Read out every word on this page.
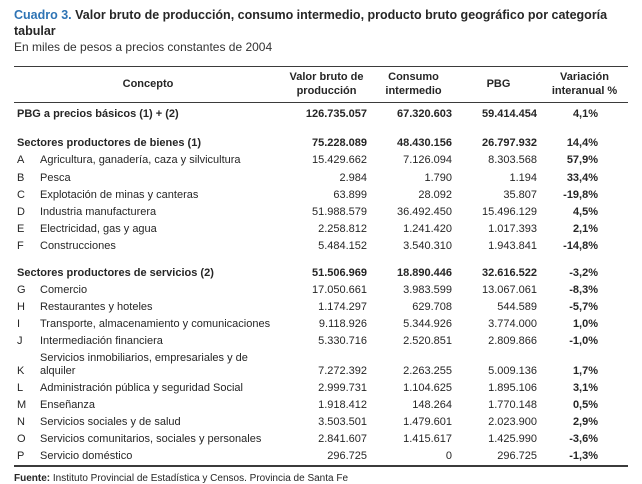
Cuadro 3. Valor bruto de producción, consumo intermedio, producto bruto geográfico por categoría tabular
En miles de pesos a precios constantes de 2004
Concepto		Valor bruto de producción	Consumo intermedio	PBG	Variación interanual %
PBG a precios básicos (1) + (2)		126.735.057	67.320.603	59.414.454	4,1%

Sectores productores de bienes (1)		75.228.089	48.430.156	26.797.932	14,4%
A	Agricultura, ganadería, caza y silvicultura	15.429.662	7.126.094	8.303.568	57,9%
B	Pesca	2.984	1.790	1.194	33,4%
C	Explotación de minas y canteras	63.899	28.092	35.807	-19,8%
D	Industria manufacturera	51.988.579	36.492.450	15.496.129	4,5%
E	Electricidad, gas y agua	2.258.812	1.241.420	1.017.393	2,1%
F	Construcciones	5.484.152	3.540.310	1.943.841	-14,8%

Sectores productores de servicios (2)		51.506.969	18.890.446	32.616.522	-3,2%
G	Comercio	17.050.661	3.983.599	13.067.061	-8,3%
H	Restaurantes y hoteles	1.174.297	629.708	544.589	-5,7%
I	Transporte, almacenamiento y comunicaciones	9.118.926	5.344.926	3.774.000	1,0%
J	Intermediación financiera	5.330.716	2.520.851	2.809.866	-1,0%
K	Servicios inmobiliarios, empresariales y de alquiler	7.272.392	2.263.255	5.009.136	1,7%
L	Administración pública y seguridad Social	2.999.731	1.104.625	1.895.106	3,1%
M	Enseñanza	1.918.412	148.264	1.770.148	0,5%
N	Servicios sociales y de salud	3.503.501	1.479.601	2.023.900	2,9%
O	Servicios comunitarios, sociales y personales	2.841.607	1.415.617	1.425.990	-3,6%
P	Servicio doméstico	296.725	0	296.725	-1,3%
Fuente: Instituto Provincial de Estadística y Censos. Provincia de Santa Fe
